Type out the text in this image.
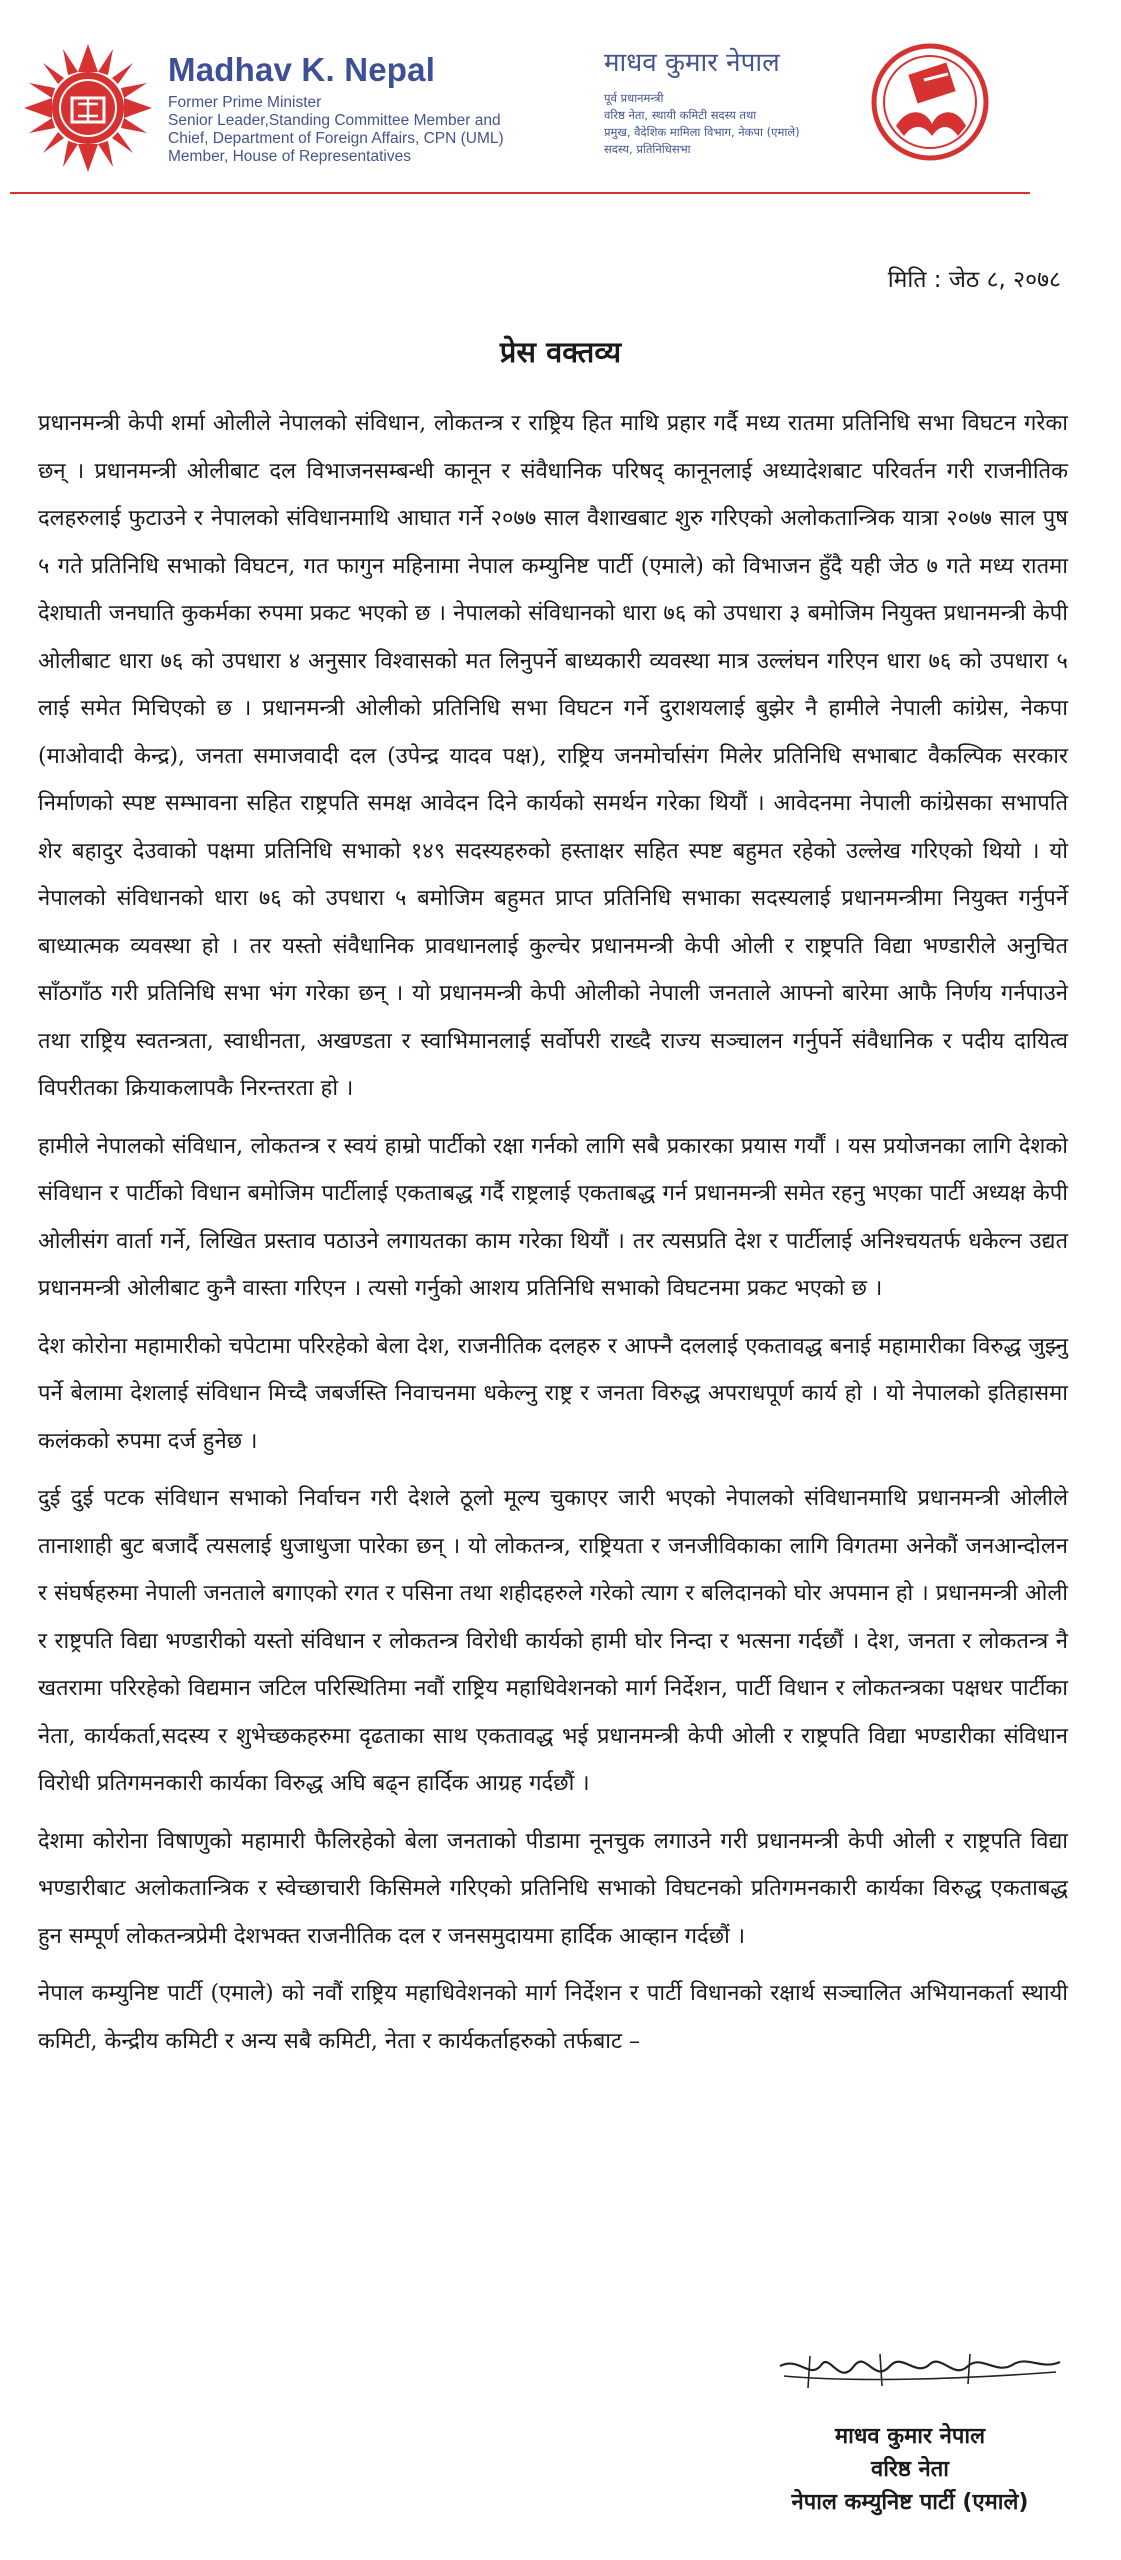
Madhav K. Nepal
Former Prime Minister
Senior Leader,Standing Committee Member and
Chief, Department of Foreign Affairs, CPN (UML)
Member, House of Representatives
माधव कुमार नेपाल
पूर्व प्रधानमन्त्री
वरिष्ठ नेता, स्थायी कमिटी सदस्य तथा
प्रमुख, वैदेशिक मामिला विभाग, नेकपा (एमाले)
सदस्य, प्रतिनिधिसभा
मिति : जेठ ८, २०७८
प्रेस वक्तव्य

प्रधानमन्त्री केपी शर्मा ओलीले नेपालको संविधान, लोकतन्त्र र राष्ट्रिय हित माथि प्रहार गर्दै मध्य रातमा प्रतिनिधि सभा विघटन गरेका छन् । प्रधानमन्त्री ओलीबाट दल विभाजनसम्बन्धी कानून र संवैधानिक परिषद् कानूनलाई अध्यादेशबाट परिवर्तन गरी राजनीतिक दलहरुलाई फुटाउने र नेपालको संविधानमाथि आघात गर्ने २०७७ साल वैशाखबाट शुरु गरिएको अलोकतान्त्रिक यात्रा २०७७ साल पुष ५ गते प्रतिनिधि सभाको विघटन, गत फागुन महिनामा नेपाल कम्युनिष्ट पार्टी (एमाले) को विभाजन हुँदै यही जेठ ७ गते मध्य रातमा देशघाती जनघाति कुकर्मका रुपमा प्रकट भएको छ । नेपालको संविधानको धारा ७६ को उपधारा ३ बमोजिम नियुक्त प्रधानमन्त्री केपी ओलीबाट धारा ७६ को उपधारा ४ अनुसार विश्वासको मत लिनुपर्ने बाध्यकारी व्यवस्था मात्र उल्लंघन गरिएन धारा ७६ को उपधारा ५ लाई समेत मिचिएको छ । प्रधानमन्त्री ओलीको प्रतिनिधि सभा विघटन गर्ने दुराशयलाई बुझेर नै हामीले नेपाली कांग्रेस, नेकपा (माओवादी केन्द्र), जनता समाजवादी दल (उपेन्द्र यादव पक्ष), राष्ट्रिय जनमोर्चासंग मिलेर प्रतिनिधि सभाबाट वैकल्पिक सरकार निर्माणको स्पष्ट सम्भावना सहित राष्ट्रपति समक्ष आवेदन दिने कार्यको समर्थन गरेका थियौं । आवेदनमा नेपाली कांग्रेसका सभापति शेर बहादुर देउवाको पक्षमा प्रतिनिधि सभाको १४९ सदस्यहरुको हस्ताक्षर सहित स्पष्ट बहुमत रहेको उल्लेख गरिएको थियो । यो नेपालको संविधानको धारा ७६ को उपधारा ५ बमोजिम बहुमत प्राप्त प्रतिनिधि सभाका सदस्यलाई प्रधानमन्त्रीमा नियुक्त गर्नुपर्ने बाध्यात्मक व्यवस्था हो । तर यस्तो संवैधानिक प्रावधानलाई कुल्चेर प्रधानमन्त्री केपी ओली र राष्ट्रपति विद्या भण्डारीले अनुचित साँठगाँठ गरी प्रतिनिधि सभा भंग गरेका छन् । यो प्रधानमन्त्री केपी ओलीको नेपाली जनताले आफ्नो बारेमा आफै निर्णय गर्नपाउने तथा राष्ट्रिय स्वतन्त्रता, स्वाधीनता, अखण्डता र स्वाभिमानलाई सर्वोपरी राख्दै राज्य सञ्चालन गर्नुपर्ने संवैधानिक र पदीय दायित्व विपरीतका क्रियाकलापकै निरन्तरता हो ।

हामीले नेपालको संविधान, लोकतन्त्र र स्वयं हाम्रो पार्टीको रक्षा गर्नको लागि सबै प्रकारका प्रयास गर्यौं । यस प्रयोजनका लागि देशको संविधान र पार्टीको विधान बमोजिम पार्टीलाई एकताबद्ध गर्दै राष्ट्रलाई एकताबद्ध गर्न प्रधानमन्त्री समेत रहनु भएका पार्टी अध्यक्ष केपी ओलीसंग वार्ता गर्ने, लिखित प्रस्ताव पठाउने लगायतका काम गरेका थियौं । तर त्यसप्रति देश र पार्टीलाई अनिश्चयतर्फ धकेल्न उद्यत प्रधानमन्त्री ओलीबाट कुनै वास्ता गरिएन । त्यसो गर्नुको आशय प्रतिनिधि सभाको विघटनमा प्रकट भएको छ ।

देश कोरोना महामारीको चपेटामा परिरहेको बेला देश, राजनीतिक दलहरु र आफ्नै दललाई एकतावद्ध बनाई महामारीका विरुद्ध जुझ्नु पर्ने बेलामा देशलाई संविधान मिच्दै जबर्जस्ति निवाचनमा धकेल्नु राष्ट्र र जनता विरुद्ध अपराधपूर्ण कार्य हो । यो नेपालको इतिहासमा कलंकको रुपमा दर्ज हुनेछ ।

दुई दुई पटक संविधान सभाको निर्वाचन गरी देशले ठूलो मूल्य चुकाएर जारी भएको नेपालको संविधानमाथि प्रधानमन्त्री ओलीले तानाशाही बुट बजार्दै त्यसलाई धुजाधुजा पारेका छन् । यो लोकतन्त्र, राष्ट्रियता र जनजीविकाका लागि विगतमा अनेकौं जनआन्दोलन र संघर्षहरुमा नेपाली जनताले बगाएको रगत र पसिना तथा शहीदहरुले गरेको त्याग र बलिदानको घोर अपमान हो । प्रधानमन्त्री ओली र राष्ट्रपति विद्या भण्डारीको यस्तो संविधान र लोकतन्त्र विरोधी कार्यको हामी घोर निन्दा र भत्सना गर्दछौं । देश, जनता र लोकतन्त्र नै खतरामा परिरहेको विद्यमान जटिल परिस्थितिमा नवौं राष्ट्रिय महाधिवेशनको मार्ग निर्देशन, पार्टी विधान र लोकतन्त्रका पक्षधर पार्टीका नेता, कार्यकर्ता,सदस्य र शुभेच्छकहरुमा दृढताका साथ एकतावद्ध भई प्रधानमन्त्री केपी ओली र राष्ट्रपति विद्या भण्डारीका संविधान विरोधी प्रतिगमनकारी कार्यका विरुद्ध अघि बढ्न हार्दिक आग्रह गर्दछौं ।

देशमा कोरोना विषाणुको महामारी फैलिरहेको बेला जनताको पीडामा नूनचुक लगाउने गरी प्रधानमन्त्री केपी ओली र राष्ट्रपति विद्या भण्डारीबाट अलोकतान्त्रिक र स्वेच्छाचारी किसिमले गरिएको प्रतिनिधि सभाको विघटनको प्रतिगमनकारी कार्यका विरुद्ध एकताबद्ध हुन सम्पूर्ण लोकतन्त्रप्रेमी देशभक्त राजनीतिक दल र जनसमुदायमा हार्दिक आव्हान गर्दछौं ।

नेपाल कम्युनिष्ट पार्टी (एमाले) को नवौं राष्ट्रिय महाधिवेशनको मार्ग निर्देशन र पार्टी विधानको रक्षार्थ सञ्चालित अभियानकर्ता स्थायी कमिटी, केन्द्रीय कमिटी र अन्य सबै कमिटी, नेता र कार्यकर्ताहरुको तर्फबाट –

माधव कुमार नेपाल
वरिष्ठ नेता
नेपाल कम्युनिष्ट पार्टी (एमाले)
